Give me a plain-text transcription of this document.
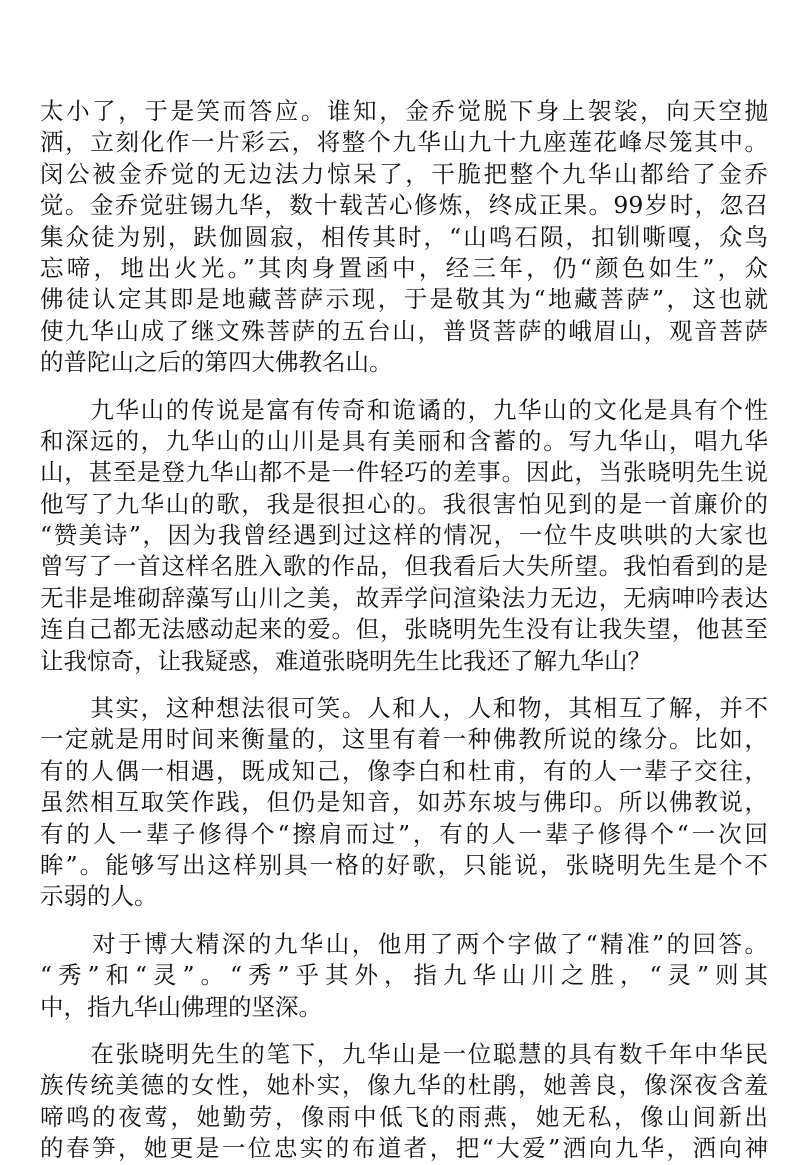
太小了，于是笑而答应。谁知，金乔觉脱下身上袈裟，向天空抛
洒，立刻化作一片彩云，将整个九华山九十九座莲花峰尽笼其中。
闵公被金乔觉的无边法力惊呆了，干脆把整个九华山都给了金乔
觉。金乔觉驻锡九华，数十载苦心修炼，终成正果。99岁时，忽召
集众徒为别，趺伽圆寂，相传其时，“山鸣石陨，扣钏嘶嘎，众鸟
忘啼，地出火光。”其肉身置函中，经三年，仍“颜色如生”，众
佛徒认定其即是地藏菩萨示现，于是敬其为“地藏菩萨”，这也就
使九华山成了继文殊菩萨的五台山，普贤菩萨的峨眉山，观音菩萨
的普陀山之后的第四大佛教名山。
　　九华山的传说是富有传奇和诡谲的，九华山的文化是具有个性
和深远的，九华山的山川是具有美丽和含蓄的。写九华山，唱九华
山，甚至是登九华山都不是一件轻巧的差事。因此，当张晓明先生说
他写了九华山的歌，我是很担心的。我很害怕见到的是一首廉价的
“赞美诗”，因为我曾经遇到过这样的情况，一位牛皮哄哄的大家也
曾写了一首这样名胜入歌的作品，但我看后大失所望。我怕看到的是
无非是堆砌辞藻写山川之美，故弄学问渲染法力无边，无病呻吟表达
连自己都无法感动起来的爱。但，张晓明先生没有让我失望，他甚至
让我惊奇，让我疑惑，难道张晓明先生比我还了解九华山？
　　其实，这种想法很可笑。人和人，人和物，其相互了解，并不
一定就是用时间来衡量的，这里有着一种佛教所说的缘分。比如，
有的人偶一相遇，既成知己，像李白和杜甫，有的人一辈子交往，
虽然相互取笑作践，但仍是知音，如苏东坡与佛印。所以佛教说，
有的人一辈子修得个“擦肩而过”，有的人一辈子修得个“一次回
眸”。能够写出这样别具一格的好歌，只能说，张晓明先生是个不
示弱的人。
　　对于博大精深的九华山，他用了两个字做了“精准”的回答。
“秀”和“灵”。“秀”乎其外，指九华山川之胜，“灵”则其
中，指九华山佛理的坚深。
　　在张晓明先生的笔下，九华山是一位聪慧的具有数千年中华民
族传统美德的女性，她朴实，像九华的杜鹃，她善良，像深夜含羞
啼鸣的夜莺，她勤劳，像雨中低飞的雨燕，她无私，像山间新出
的春笋，她更是一位忠实的布道者，把“大爱”洒向九华，洒向神
